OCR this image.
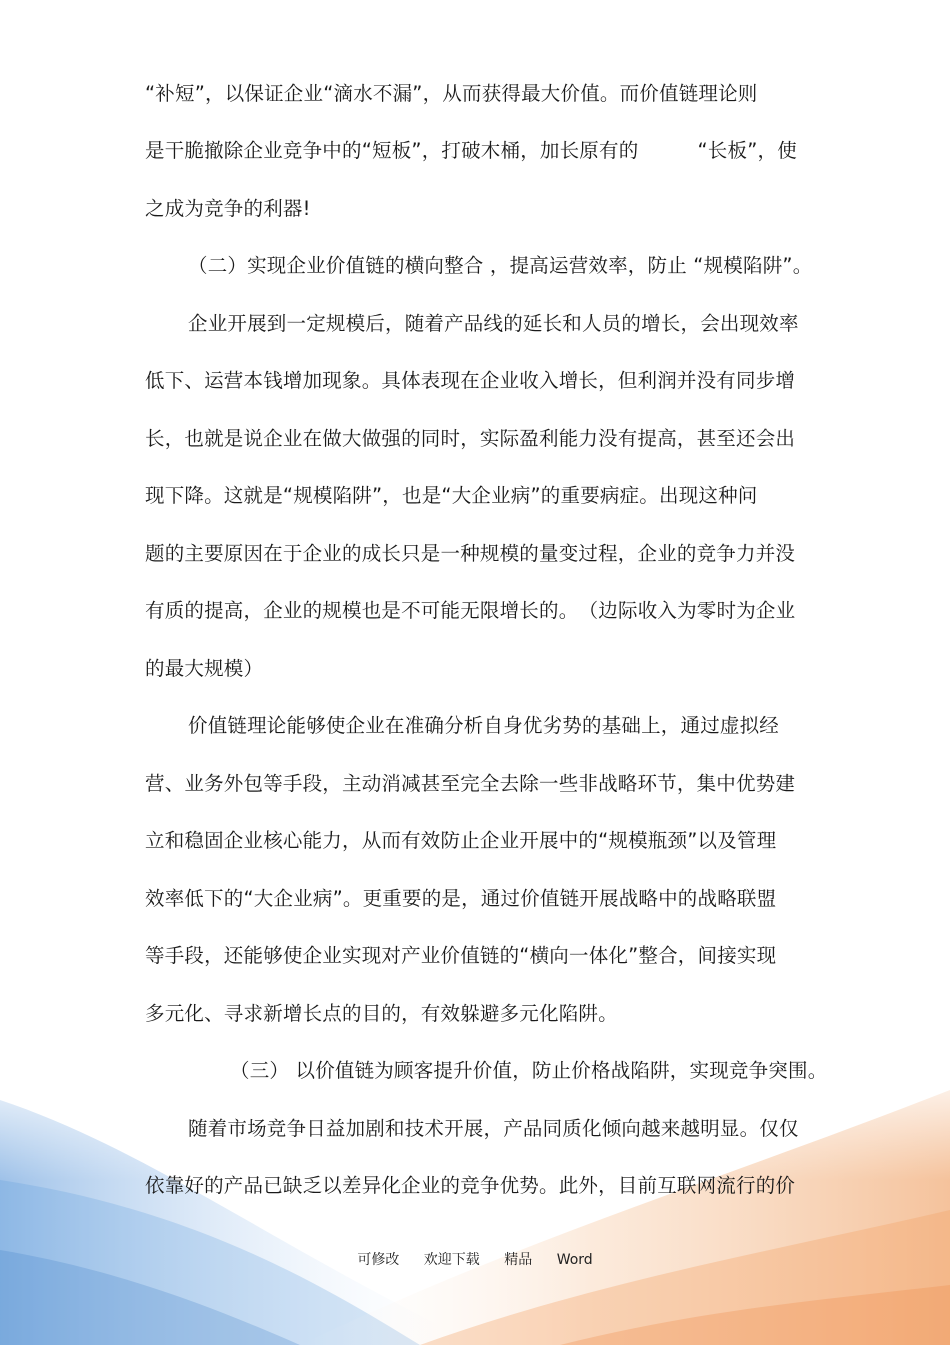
“补短”，以保证企业“滴水不漏”，从而获得最大价值。而价值链理论则
是干脆撤除企业竞争中的“短板”，打破木桶，加长原有的　　　“长板”，使
之成为竞争的利器!
（二）实现企业价值链的横向整合 ，提高运营效率，防止 “规模陷阱”。
企业开展到一定规模后，随着产品线的延长和人员的增长，会出现效率
低下、运营本钱增加现象。具体表现在企业收入增长，但利润并没有同步增
长，也就是说企业在做大做强的同时，实际盈利能力没有提高，甚至还会出
现下降。这就是“规模陷阱”，也是“大企业病”的重要病症。出现这种问
题的主要原因在于企业的成长只是一种规模的量变过程，企业的竞争力并没
有质的提高，企业的规模也是不可能无限增长的。　（边际收入为零时为企业
的最大规模）
价值链理论能够使企业在准确分析自身优劣势的基础上，通过虚拟经
营、业务外包等手段，主动消减甚至完全去除一些非战略环节，集中优势建
立和稳固企业核心能力，从而有效防止企业开展中的“规模瓶颈”以及管理
效率低下的“大企业病”。更重要的是，通过价值链开展战略中的战略联盟
等手段，还能够使企业实现对产业价值链的“横向一体化”整合，间接实现
多元化、寻求新增长点的目的，有效躲避多元化陷阱。
（三） 以价值链为顾客提升价值，防止价格战陷阱，实现竞争突围。
随着市场竞争日益加剧和技术开展，产品同质化倾向越来越明显。仅仅
依靠好的产品已缺乏以差异化企业的竞争优势。此外，目前互联网流行的价
可修改 欢迎下载 精品 Word
